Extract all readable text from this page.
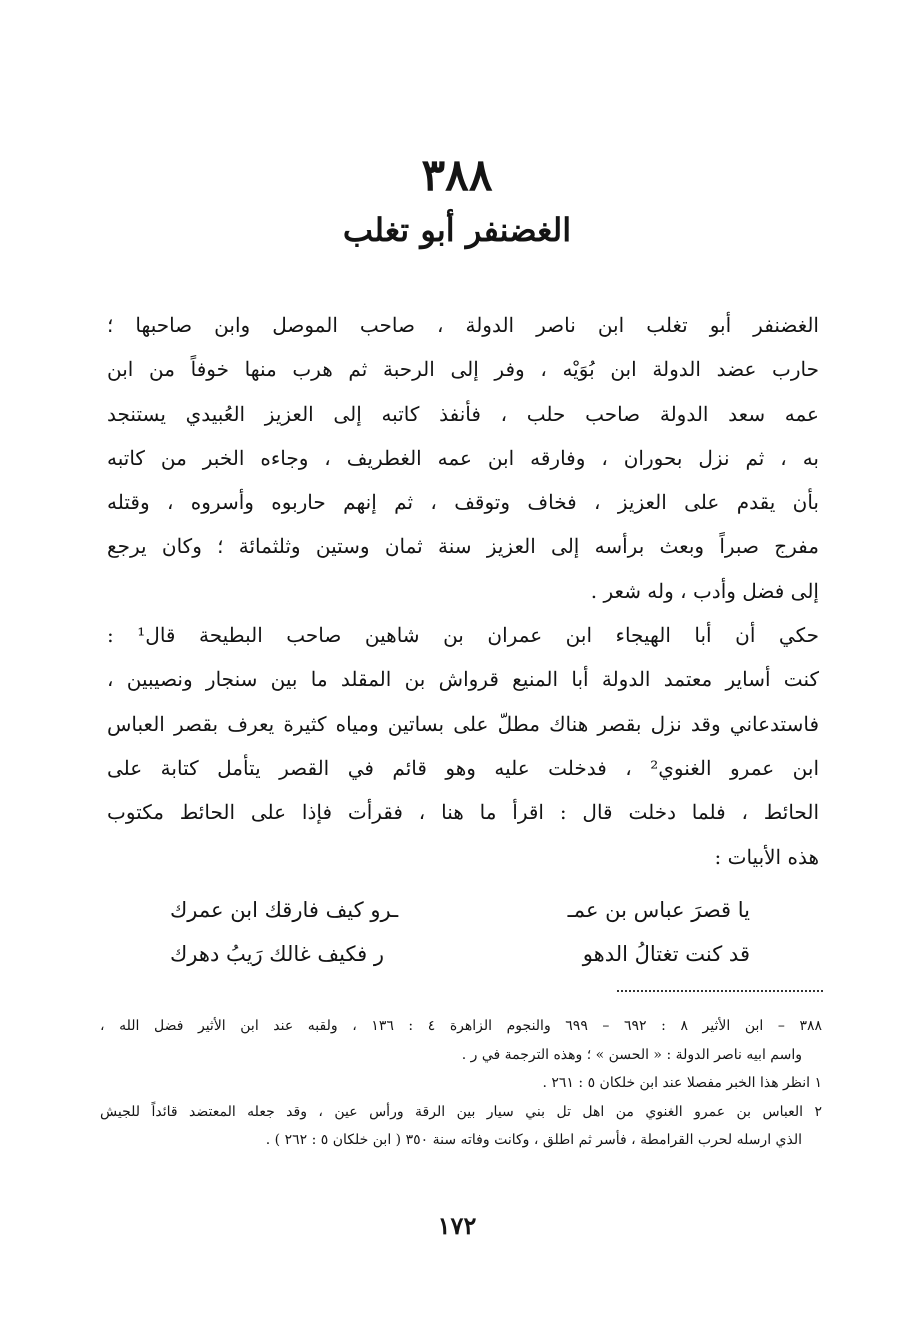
٣٨٨
الغضنفر أبو تغلب
الغضنفر أبو تغلب ابن ناصر الدولة ، صاحب الموصل وابن صاحبها ؛
حارب عضد الدولة ابن بُوَيْه ، وفر إلى الرحبة ثم هرب منها خوفاً من ابن
عمه سعد الدولة صاحب حلب ، فأنفذ كاتبه إلى العزيز العُبيدي يستنجد
به ، ثم نزل بحوران ، وفارقه ابن عمه الغطريف ، وجاءه الخبر من كاتبه
بأن يقدم على العزيز ، فخاف وتوقف ، ثم إنهم حاربوه وأسروه ، وقتله
مفرج صبراً وبعث برأسه إلى العزيز سنة ثمان وستين وثلثمائة ؛ وكان يرجع
إلى فضل وأدب ، وله شعر .
حكي أن أبا الهيجاء ابن عمران بن شاهين صاحب البطيحة قال¹ :
كنت أساير معتمد الدولة أبا المنيع قرواش بن المقلد ما بين سنجار ونصيبين ،
فاستدعاني وقد نزل بقصر هناك مطلّ على بساتين ومياه كثيرة يعرف بقصر العباس
ابن عمرو الغنوي² ، فدخلت عليه وهو قائم في القصر يتأمل كتابة على
الحائط ، فلما دخلت قال : اقرأ ما هنا ، فقرأت فإذا على الحائط مكتوب
هذه الأبيات :
يا قصرَ عباس بن عمـ
ـرو كيف فارقك ابن عمرك
قد كنت تغتالُ الدهو
ر فكيف غالك رَيبُ دهرك
٣٨٨ – ابن الأثير ٨ : ٦٩٢ – ٦٩٩ والنجوم الزاهرة ٤ : ١٣٦ ، ولقبه عند ابن الأثير فضل الله ،
واسم ابيه ناصر الدولة : « الحسن » ؛ وهذه الترجمة في ر .
١ انظر هذا الخبر مفصلا عند ابن خلكان ٥ : ٢٦١ .
٢ العباس بن عمرو الغنوي من اهل تل بني سيار بين الرقة ورأس عين ، وقد جعله المعتضد قائداً للجيش
الذي ارسله لحرب القرامطة ، فأسر ثم اطلق ، وكانت وفاته سنة ٣٥٠ ( ابن خلكان ٥ : ٢٦٢ ) .
١٧٢
